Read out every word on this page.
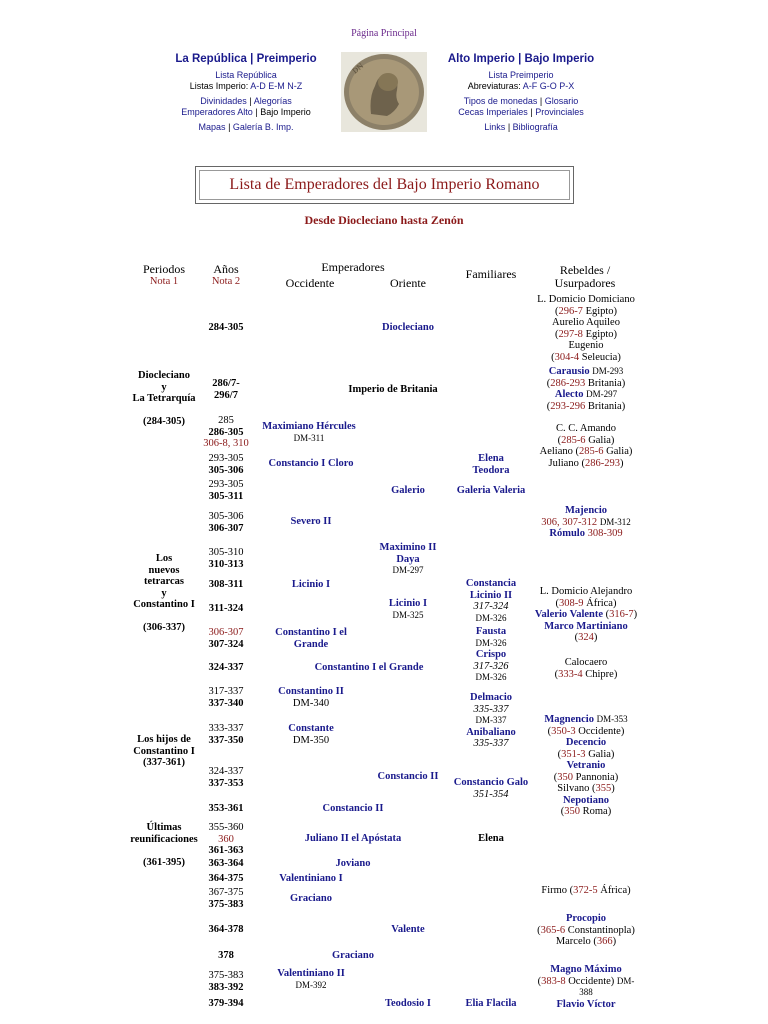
Página Principal
La República | Preimperio
Lista República
Listas Imperio: A-D E-M N-Z
Divinidades | Alegorías
Emperadores Alto | Bajo Imperio
Mapas | Galería B. Imp.
DN
Alto Imperio | Bajo Imperio
Lista Preimperio
Abreviaturas: A-F G-O P-X
Tipos de monedas | Glosario
Cecas Imperiales | Provinciales
Links | Bibliografía
Lista de Emperadores del Bajo Imperio Romano
Desde Diocleciano hasta Zenón
Periodos
Nota 1
Años
Nota 2
Emperadores
Occidente	Oriente
Familiares	Rebeldes /
Usurpadores
Diocleciano
y
La Tetrarquía

(284-305)
Los
nuevos
tetrarcas
y
Constantino I

(306-337)
Los hijos de
Constantino I
(337-361)
Últimas
reunificaciones

(361-395)
284-305
286/7-
296/7
285
286-305
306-8, 310
293-305
305-306
293-305
305-311
305-306
306-307
305-310
310-313
308-311
311-324
306-307
307-324
324-337
317-337
337-340
333-337
337-350
324-337
337-353
353-361
355-360
360
361-363
363-364
364-375
367-375
375-383
364-378
378
375-383
383-392
379-394
Diocleciano
Imperio de Britania
Maximiano Hércules
DM-311
Constancio I Cloro
Galerio
Severo II
Maximino II
Daya
DM-297
Licinio I
Licinio I
DM-325
Constantino I el
Grande
Constantino I el Grande
Constantino II
DM-340
Constante
DM-350
Constancio II
Constancio II
Juliano II el Apóstata
Joviano
Valentiniano I
Graciano
Valente
Graciano
Valentiniano II
DM-392
Teodosio I
Elena
Teodora
Galeria Valeria
Constancia
Licinio II
317-324
DM-326
Fausta
DM-326
Crispo
317-326
DM-326
Delmacio
335-337
DM-337
Anibaliano
335-337
Constancio Galo
351-354
Elena
Elia Flacila
L. Domicio Domiciano
(296-7 Egipto)
Aurelio Aquileo
(297-8 Egipto)
Eugenio
(304-4 Seleucia)
Carausio DM-293
(286-293 Britania)
Alecto DM-297
(293-296 Britania)
C. C. Amando
(285-6 Galia)
Aeliano (285-6 Galia)
Juliano (286-293)
Majencio
306, 307-312 DM-312
Rómulo 308-309
L. Domicio Alejandro
(308-9 África)
Valerio Valente (316-7)
Marco Martiniano
(324)
Calocaero
(333-4 Chipre)
Magnencio DM-353
(350-3 Occidente)
Decencio
(351-3 Galia)
Vetranio
(350 Pannonia)
Silvano (355)
Nepotiano
(350 Roma)
Firmo (372-5 África)
Procopio
(365-6 Constantinopla)
Marcelo (366)
Magno Máximo
(383-8 Occidente) DM-
388
Flavio Víctor
